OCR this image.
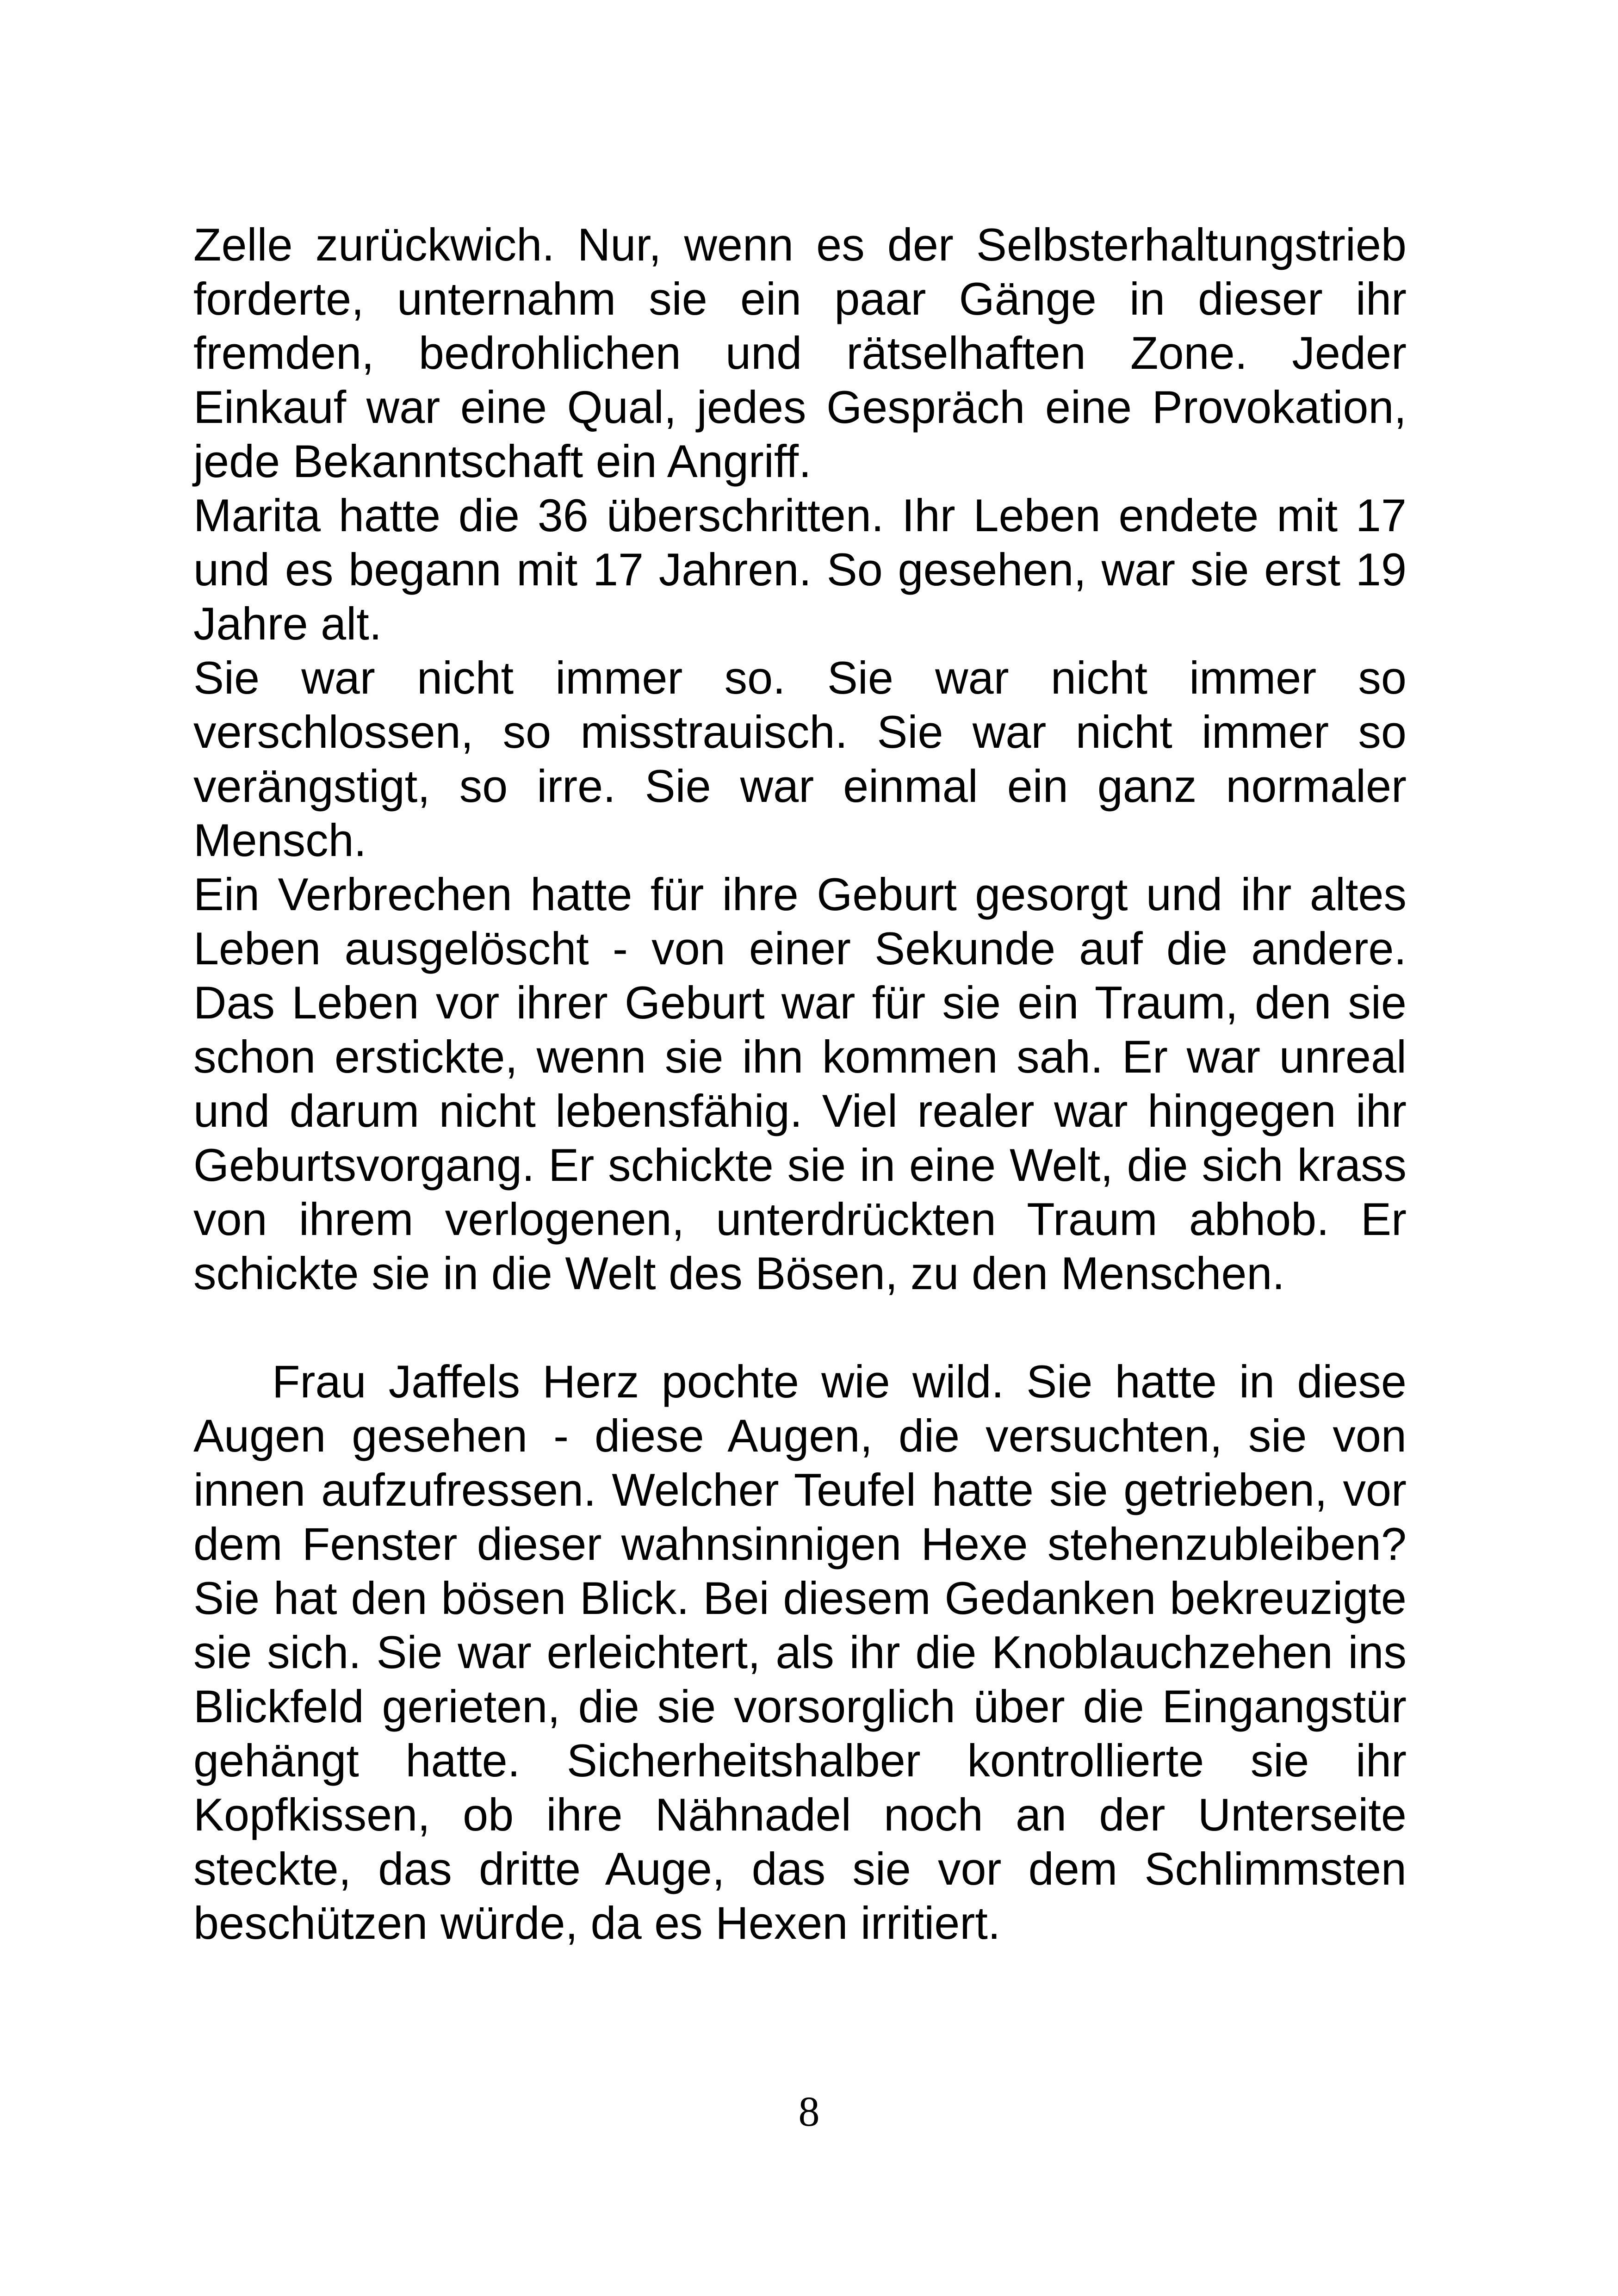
Zelle zurückwich. Nur, wenn es der Selbsterhaltungstrieb forderte, unternahm sie ein paar Gänge in dieser ihr fremden, bedrohlichen und rätselhaften Zone. Jeder Einkauf war eine Qual, jedes Gespräch eine Provokation, jede Bekanntschaft ein Angriff.

Marita hatte die 36 überschritten. Ihr Leben endete mit 17 und es begann mit 17 Jahren. So gesehen, war sie erst 19 Jahre alt.

Sie war nicht immer so. Sie war nicht immer so verschlossen, so misstrauisch. Sie war nicht immer so verängstigt, so irre. Sie war einmal ein ganz normaler Mensch.

Ein Verbrechen hatte für ihre Geburt gesorgt und ihr altes Leben ausgelöscht - von einer Sekunde auf die andere. Das Leben vor ihrer Geburt war für sie ein Traum, den sie schon erstickte, wenn sie ihn kommen sah. Er war unreal und darum nicht lebensfähig. Viel realer war hingegen ihr Geburtsvorgang. Er schickte sie in eine Welt, die sich krass von ihrem verlogenen, unterdrückten Traum abhob. Er schickte sie in die Welt des Bösen, zu den Menschen.

Frau Jaffels Herz pochte wie wild. Sie hatte in diese Augen gesehen - diese Augen, die versuchten, sie von innen aufzufressen. Welcher Teufel hatte sie getrieben, vor dem Fenster dieser wahnsinnigen Hexe stehenzubleiben? Sie hat den bösen Blick. Bei diesem Gedanken bekreuzigte sie sich. Sie war erleichtert, als ihr die Knoblauchzehen ins Blickfeld gerieten, die sie vorsorglich über die Eingangstür gehängt hatte. Sicherheitshalber kontrollierte sie ihr Kopfkissen, ob ihre Nähnadel noch an der Unterseite steckte, das dritte Auge, das sie vor dem Schlimmsten beschützen würde, da es Hexen irritiert.

8
